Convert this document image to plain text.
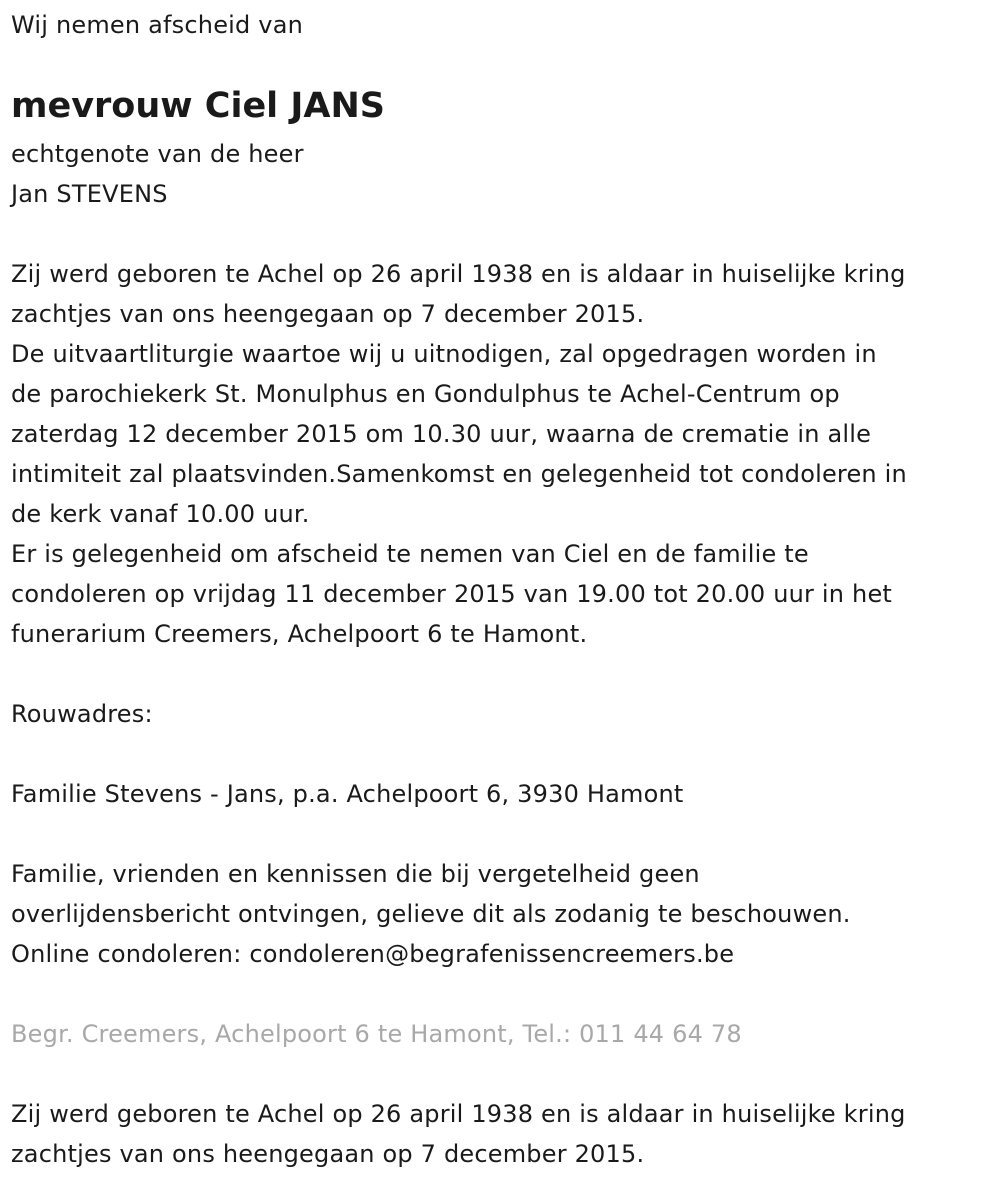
Wij nemen afscheid van
mevrouw Ciel JANS
echtgenote van de heer
Jan STEVENS
Zij werd geboren te Achel op 26 april 1938 en is aldaar in huiselijke kring
zachtjes van ons heengegaan op 7 december 2015.
De uitvaartliturgie waartoe wij u uitnodigen, zal opgedragen worden in
de parochiekerk St. Monulphus en Gondulphus te Achel-Centrum op
zaterdag 12 december 2015 om 10.30 uur, waarna de crematie in alle
intimiteit zal plaatsvinden.Samenkomst en gelegenheid tot condoleren in
de kerk vanaf 10.00 uur.
Er is gelegenheid om afscheid te nemen van Ciel en de familie te
condoleren op vrijdag 11 december 2015 van 19.00 tot 20.00 uur in het
funerarium Creemers, Achelpoort 6 te Hamont.
Rouwadres:
Familie Stevens - Jans, p.a. Achelpoort 6, 3930 Hamont
Familie, vrienden en kennissen die bij vergetelheid geen
overlijdensbericht ontvingen, gelieve dit als zodanig te beschouwen.
Online condoleren: condoleren@begrafenissencreemers.be
Begr. Creemers, Achelpoort 6 te Hamont, Tel.: 011 44 64 78
Zij werd geboren te Achel op 26 april 1938 en is aldaar in huiselijke kring
zachtjes van ons heengegaan op 7 december 2015.
